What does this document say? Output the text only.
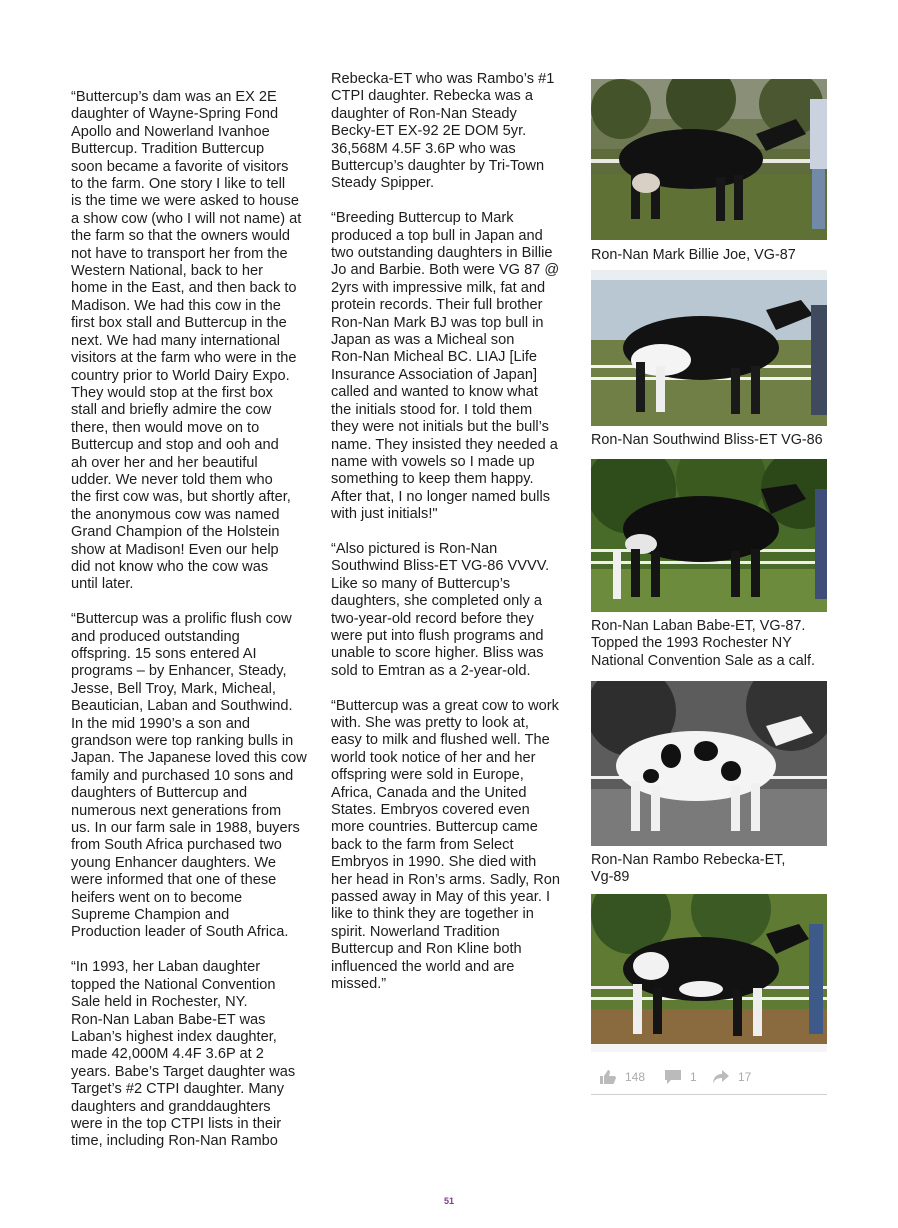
“Buttercup’s dam was an EX 2E
daughter of Wayne-Spring Fond
Apollo and Nowerland Ivanhoe
Buttercup. Tradition Buttercup
soon became a favorite of visitors
to the farm. One story I like to tell
is the time we were asked to house
a show cow (who I will not name) at
the farm so that the owners would
not have to transport her from the
Western National, back to her
home in the East, and then back to
Madison. We had this cow in the
first box stall and Buttercup in the
next. We had many international
visitors at the farm who were in the
country prior to World Dairy Expo.
They would stop at the first box
stall and briefly admire the cow
there, then would move on to
Buttercup and stop and ooh and
ah over her and her beautiful
udder. We never told them who
the first cow was, but shortly after,
the anonymous cow was named
Grand Champion of the Holstein
show at Madison! Even our help
did not know who the cow was
until later.

“Buttercup was a prolific flush cow
and produced outstanding
offspring. 15 sons entered AI
programs – by Enhancer, Steady,
Jesse, Bell Troy, Mark, Micheal,
Beautician, Laban and Southwind.
In the mid 1990’s a son and
grandson were top ranking bulls in
Japan. The Japanese loved this cow
family and purchased 10 sons and
daughters of Buttercup and
numerous next generations from
us. In our farm sale in 1988, buyers
from South Africa purchased two
young Enhancer daughters. We
were informed that one of these
heifers went on to become
Supreme Champion and
Production leader of South Africa.

“In 1993, her Laban daughter
topped the National Convention
Sale held in Rochester, NY.
Ron-Nan Laban Babe-ET was
Laban’s highest index daughter,
made 42,000M 4.4F 3.6P at 2
years. Babe’s Target daughter was
Target’s #2 CTPI daughter. Many
daughters and granddaughters
were in the top CTPI lists in their
time, including Ron-Nan Rambo

Rebecka-ET who was Rambo’s #1
CTPI daughter. Rebecka was a
daughter of Ron-Nan Steady
Becky-ET EX-92 2E DOM 5yr.
36,568M 4.5F 3.6P who was
Buttercup’s daughter by Tri-Town
Steady Spipper.

“Breeding Buttercup to Mark
produced a top bull in Japan and
two outstanding daughters in Billie
Jo and Barbie. Both were VG 87 @
2yrs with impressive milk, fat and
protein records. Their full brother
Ron-Nan Mark BJ was top bull in
Japan as was a Micheal son
Ron-Nan Micheal BC. LIAJ [Life
Insurance Association of Japan]
called and wanted to know what
the initials stood for. I told them
they were not initials but the bull’s
name. They insisted they needed a
name with vowels so I made up
something to keep them happy.
After that, I no longer named bulls
with just initials!"

“Also pictured is Ron-Nan
Southwind Bliss-ET VG-86 VVVV.
Like so many of Buttercup’s
daughters, she completed only a
two-year-old record before they
were put into flush programs and
unable to score higher. Bliss was
sold to Emtran as a 2-year-old.

“Buttercup was a great cow to work
with. She was pretty to look at,
easy to milk and flushed well. The
world took notice of her and her
offspring were sold in Europe,
Africa, Canada and the United
States. Embryos covered even
more countries. Buttercup came
back to the farm from Select
Embryos in 1990. She died with
her head in Ron’s arms. Sadly, Ron
passed away in May of this year. I
like to think they are together in
spirit. Nowerland Tradition
Buttercup and Ron Kline both
influenced the world and are
missed.”

Ron-Nan Mark Billie Joe, VG-87
Ron-Nan Southwind Bliss-ET VG-86
Ron-Nan Laban Babe-ET, VG-87.
Topped the 1993 Rochester NY
National Convention Sale as a calf.
Ron-Nan Rambo Rebecka-ET,
Vg-89
148	1	17
51
